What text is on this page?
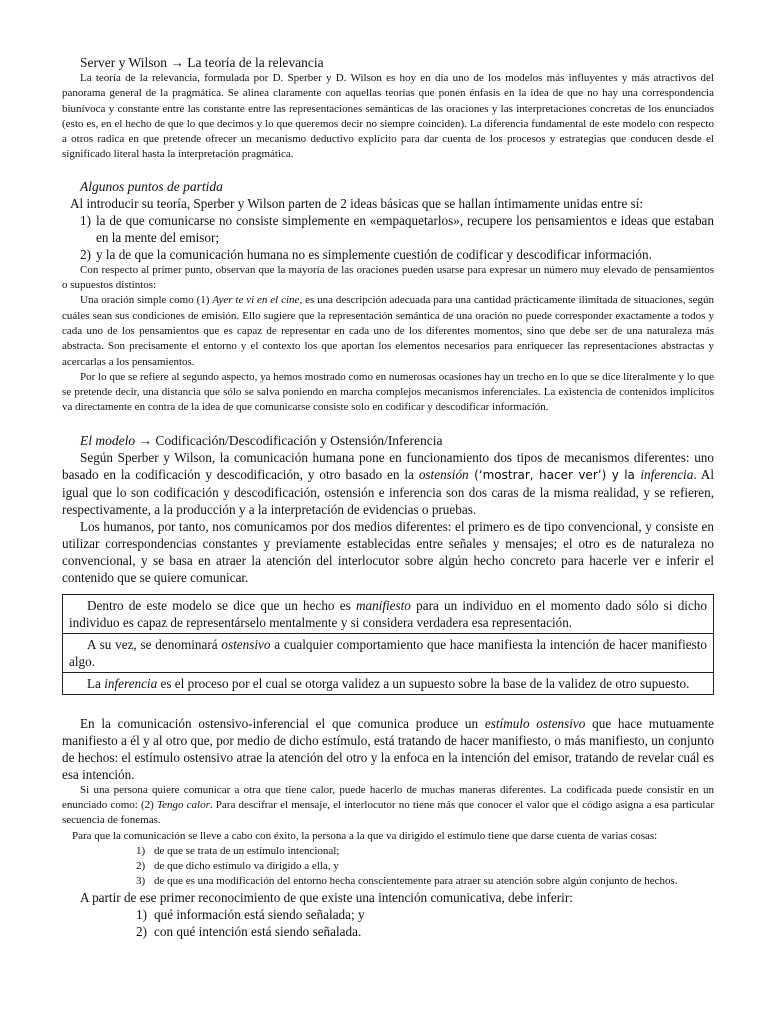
Server y Wilson → La teoría de la relevancia

La teoría de la relevancia, formulada por D. Sperber y D. Wilson es hoy en día uno de los modelos más influyentes y más atractivos del panorama general de la pragmática. Se alinea claramente con aquellas teorías que ponen énfasis en la idea de que no hay una correspondencia biunívoca y constante entre las constante entre las representaciones semánticas de las oraciones y las interpretaciones concretas de los enunciados (esto es, en el hecho de que lo que decimos y lo que queremos decir no siempre coinciden). La diferencia fundamental de este modelo con respecto a otros radica en que pretende ofrecer un mecanismo deductivo explícito para dar cuenta de los procesos y estrategias que conducen desde el significado literal hasta la interpretación pragmática.

Algunos puntos de partida

Al introducir su teoría, Sperber y Wilson parten de 2 ideas básicas que se hallan íntimamente unidas entre sí:

1) la de que comunicarse no consiste simplemente en «empaquetarlos», recupere los pensamientos e ideas que estaban en la mente del emisor;
2) y la de que la comunicación humana no es simplemente cuestión de codificar y descodificar información.

Con respecto al primer punto, observan que la mayoría de las oraciones pueden usarse para expresar un número muy elevado de pensamientos o supuestos distintos:

Una oración simple como (1) Ayer te vi en el cine, es una descripción adecuada para una cantidad prácticamente ilimitada de situaciones, según cuáles sean sus condiciones de emisión. Ello sugiere que la representación semántica de una oración no puede corresponder exactamente a todos y cada uno de los pensamientos que es capaz de representar en cada uno de los diferentes momentos, sino que debe ser de una naturaleza más abstracta. Son precisamente el entorno y el contexto los que aportan los elementos necesarios para enriquecer las representaciones abstractas y acercarlas a los pensamientos.

Por lo que se refiere al segundo aspecto, ya hemos mostrado como en numerosas ocasiones hay un trecho en lo que se dice literalmente y lo que se pretende decir, una distancia que sólo se salva poniendo en marcha complejos mecanismos inferenciales. La existencia de contenidos implícitos va directamente en contra de la idea de que comunicarse consiste solo en codificar y descodificar información.

El modelo → Codificación/Descodificación y Ostensión/Inferencia

Según Sperber y Wilson, la comunicación humana pone en funcionamiento dos tipos de mecanismos diferentes: uno basado en la codificación y descodificación, y otro basado en la ostensión (‘mostrar, hacer ver’) y la inferencia. Al igual que lo son codificación y descodificación, ostensión e inferencia son dos caras de la misma realidad, y se refieren, respectivamente, a la producción y a la interpretación de evidencias o pruebas.

Los humanos, por tanto, nos comunicamos por dos medios diferentes: el primero es de tipo convencional, y consiste en utilizar correspondencias constantes y previamente establecidas entre señales y mensajes; el otro es de naturaleza no convencional, y se basa en atraer la atención del interlocutor sobre algún hecho concreto para hacerle ver e inferir el contenido que se quiere comunicar.

Dentro de este modelo se dice que un hecho es manifiesto para un individuo en el momento dado sólo si dicho individuo es capaz de representárselo mentalmente y si considera verdadera esa representación.
A su vez, se denominará ostensivo a cualquier comportamiento que hace manifiesta la intención de hacer manifiesto algo.
La inferencia es el proceso por el cual se otorga validez a un supuesto sobre la base de la validez de otro supuesto.

En la comunicación ostensivo-inferencial el que comunica produce un estímulo ostensivo que hace mutuamente manifiesto a él y al otro que, por medio de dicho estímulo, está tratando de hacer manifiesto, o más manifiesto, un conjunto de hechos: el estímulo ostensivo atrae la atención del otro y la enfoca en la intención del emisor, tratando de revelar cuál es esa intención.

Si una persona quiere comunicar a otra que tiene calor, puede hacerlo de muchas maneras diferentes. La codificada puede consistir en un enunciado como: (2) Tengo calor. Para descifrar el mensaje, el interlocutor no tiene más que conocer el valor que el código asigna a esa particular secuencia de fonemas.

Para que la comunicación se lleve a cabo con éxito, la persona a la que va dirigido el estímulo tiene que darse cuenta de varias cosas:

1) de que se trata de un estímulo intencional;
2) de que dicho estímulo va dirigido a ella, y
3) de que es una modificación del entorno hecha conscientemente para atraer su atención sobre algún conjunto de hechos.

A partir de ese primer reconocimiento de que existe una intención comunicativa, debe inferir:

1) qué información está siendo señalada; y
2) con qué intención está siendo señalada.
